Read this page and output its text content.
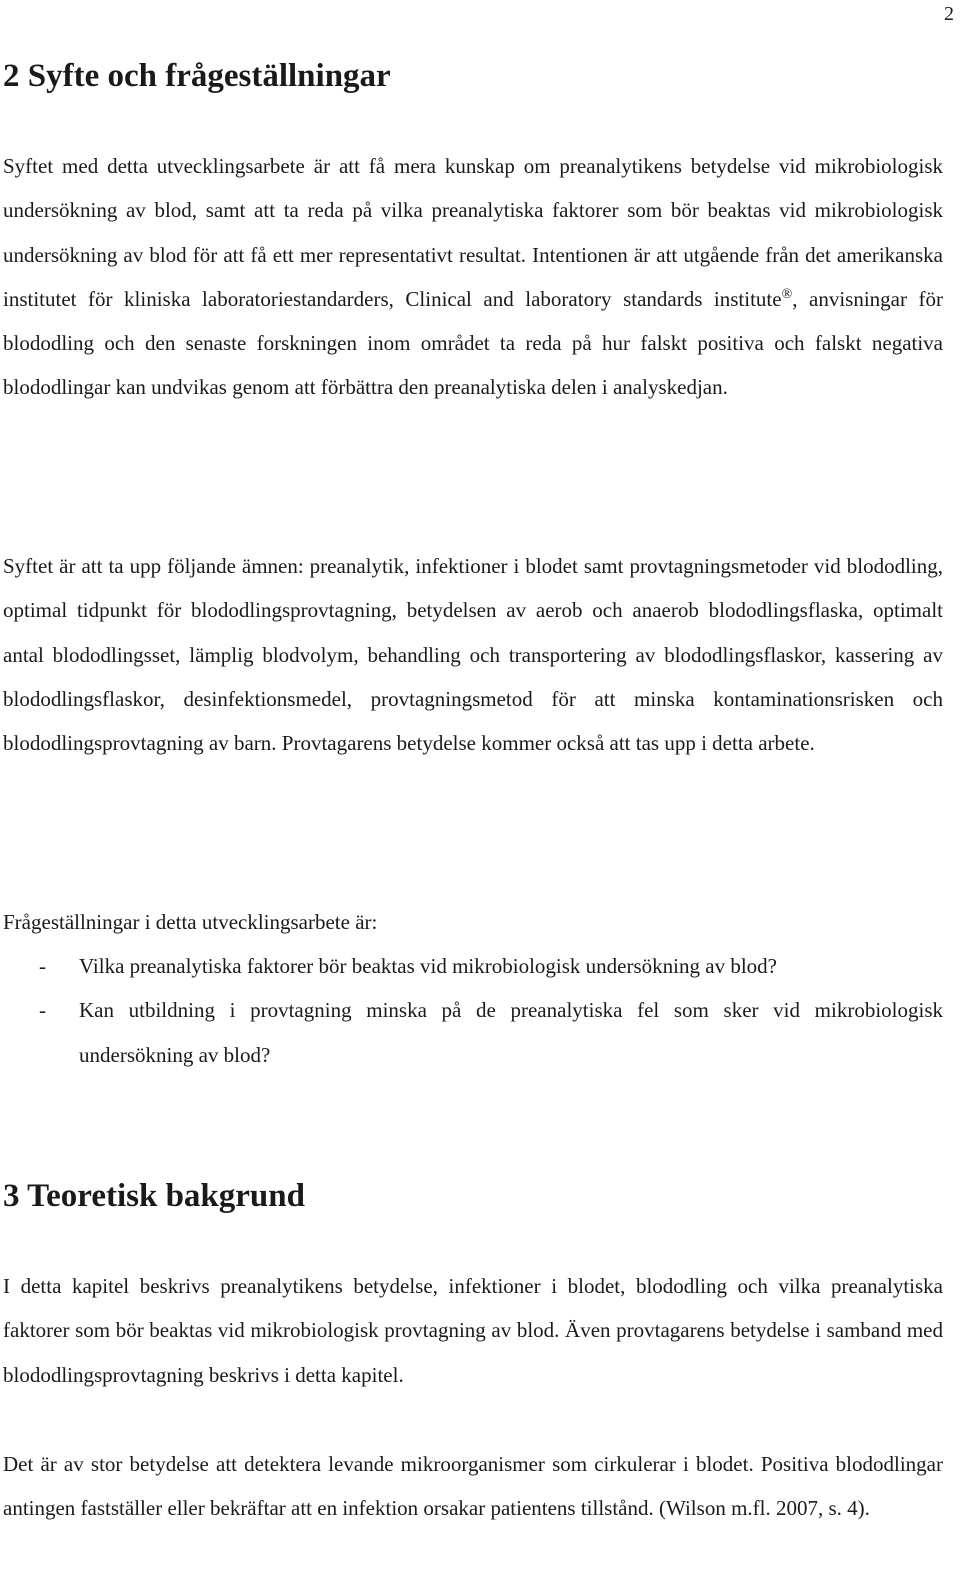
2
2 Syfte och frågeställningar

Syftet med detta utvecklingsarbete är att få mera kunskap om preanalytikens betydelse vid mikrobiologisk undersökning av blod, samt att ta reda på vilka preanalytiska faktorer som bör beaktas vid mikrobiologisk undersökning av blod för att få ett mer representativt resultat. Intentionen är att utgående från det amerikanska institutet för kliniska laboratoriestandarders, Clinical and laboratory standards institute®, anvisningar för blododling och den senaste forskningen inom området ta reda på hur falskt positiva och falskt negativa blododlingar kan undvikas genom att förbättra den preanalytiska delen i analyskedjan.

Syftet är att ta upp följande ämnen: preanalytik, infektioner i blodet samt provtagningsmetoder vid blododling, optimal tidpunkt för blododlingsprovtagning, betydelsen av aerob och anaerob blododlingsflaska, optimalt antal blododlingsset, lämplig blodvolym, behandling och transportering av blododlingsflaskor, kassering av blododlingsflaskor, desinfektionsmedel, provtagningsmetod för att minska kontaminationsrisken och blododlingsprovtagning av barn. Provtagarens betydelse kommer också att tas upp i detta arbete.

Frågeställningar i detta utvecklingsarbete är:

- Vilka preanalytiska faktorer bör beaktas vid mikrobiologisk undersökning av blod?
- Kan utbildning i provtagning minska på de preanalytiska fel som sker vid mikrobiologisk undersökning av blod?
3 Teoretisk bakgrund

I detta kapitel beskrivs preanalytikens betydelse, infektioner i blodet, blododling och vilka preanalytiska faktorer som bör beaktas vid mikrobiologisk provtagning av blod. Även provtagarens betydelse i samband med blododlingsprovtagning beskrivs i detta kapitel.

Det är av stor betydelse att detektera levande mikroorganismer som cirkulerar i blodet. Positiva blododlingar antingen fastställer eller bekräftar att en infektion orsakar patientens tillstånd. (Wilson m.fl. 2007, s. 4).
